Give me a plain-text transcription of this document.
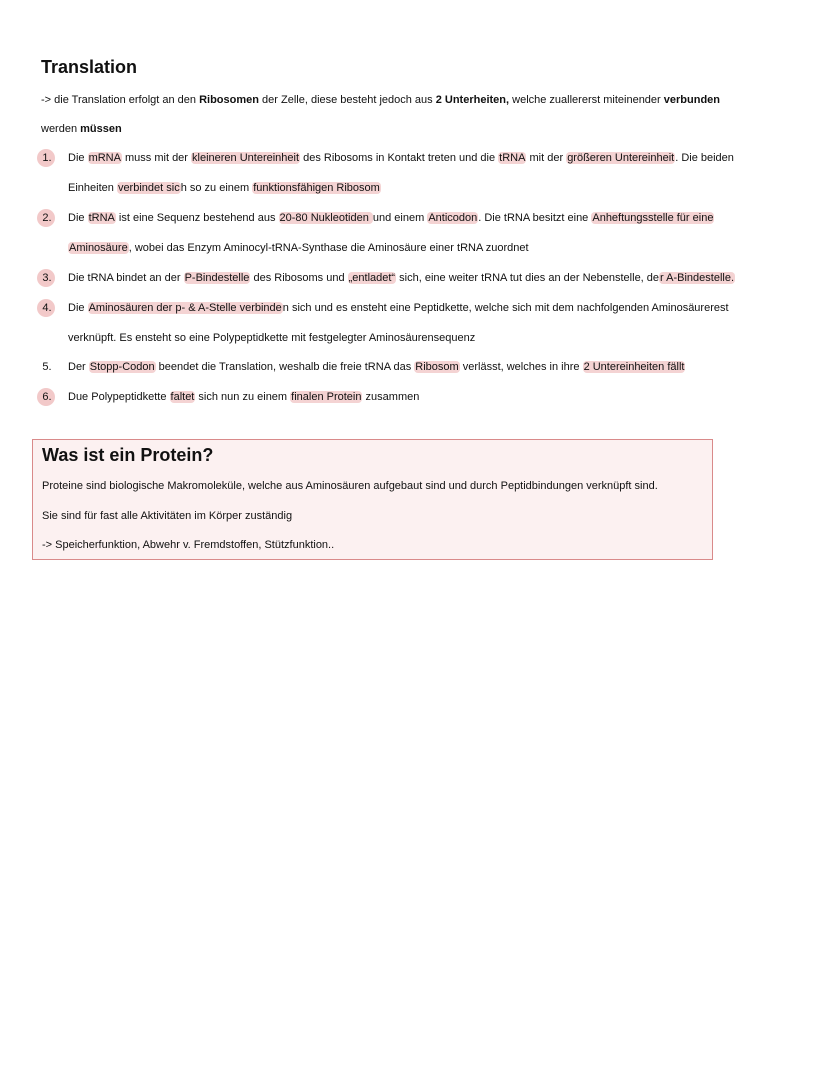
Translation
-> die Translation erfolgt an den Ribosomen der Zelle, diese besteht jedoch aus 2 Unterheiten, welche zuallererst miteinender verbunden
werden müssen
1. Die mRNA muss mit der kleineren Untereinheit des Ribosoms in Kontakt treten und die tRNA mit der größeren Untereinheit. Die beiden
Einheiten verbindet sich so zu einem funktionsfähigen Ribosom
2. Die tRNA ist eine Sequenz bestehend aus 20-80 Nukleotiden und einem Anticodon. Die tRNA besitzt eine Anheftungsstelle für eine
Aminosäure, wobei das Enzym Aminocyl-tRNA-Synthase die Aminosäure einer tRNA zuordnet
3. Die tRNA bindet an der P-Bindestelle des Ribosoms und „entladet“ sich, eine weiter tRNA tut dies an der Nebenstelle, der A-Bindestelle.
4. Die Aminosäuren der p- & A-Stelle verbinden sich und es ensteht eine Peptidkette, welche sich mit dem nachfolgenden Aminosäurerest
verknüpft. Es ensteht so eine Polypeptidkette mit festgelegter Aminosäurensequenz
5. Der Stopp-Codon beendet die Translation, weshalb die freie tRNA das Ribosom verlässt, welches in ihre 2 Untereinheiten fällt
6. Due Polypeptidkette faltet sich nun zu einem finalen Protein zusammen
Was ist ein Protein?
Proteine sind biologische Makromoleküle, welche aus Aminosäuren aufgebaut sind und durch Peptidbindungen verknüpft sind.
Sie sind für fast alle Aktivitäten im Körper zuständig
-> Speicherfunktion, Abwehr v. Fremdstoffen, Stützfunktion..
